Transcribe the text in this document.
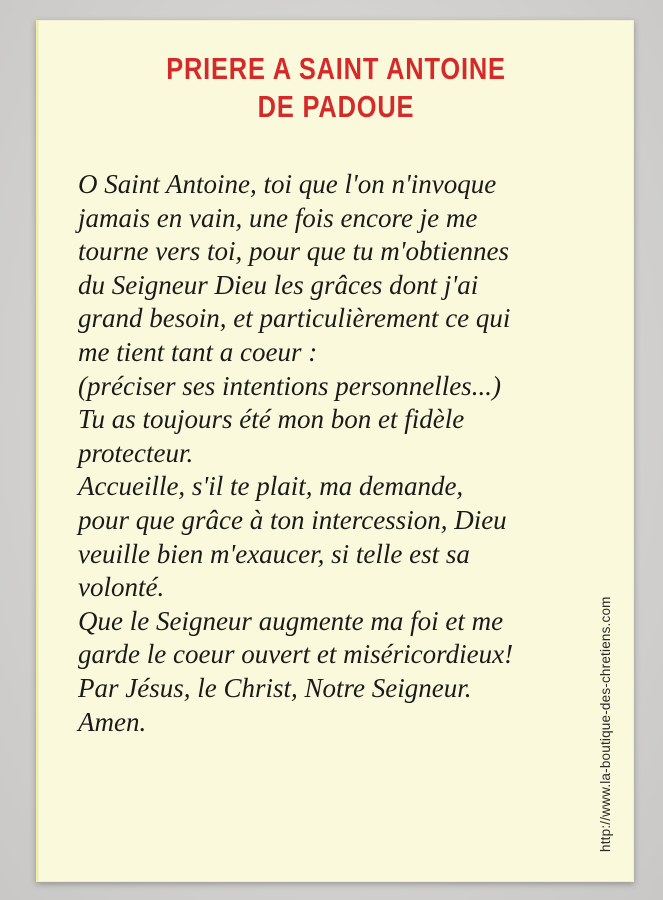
PRIERE A SAINT ANTOINE
DE PADOUE
O Saint Antoine, toi que l'on n'invoque
jamais en vain, une fois encore je me
tourne vers toi, pour que tu m'obtiennes
du Seigneur Dieu les grâces dont j'ai
grand besoin, et particulièrement ce qui
me tient tant a coeur :
(préciser ses intentions personnelles...)
Tu as toujours été mon bon et fidèle
protecteur.
Accueille, s'il te plait, ma demande,
pour que grâce à ton intercession, Dieu
veuille bien m'exaucer, si telle est sa
volonté.
Que le Seigneur augmente ma foi et me
garde le coeur ouvert et miséricordieux!
Par Jésus, le Christ, Notre Seigneur.
Amen.	http://www.la-boutique-des-chretiens.com
